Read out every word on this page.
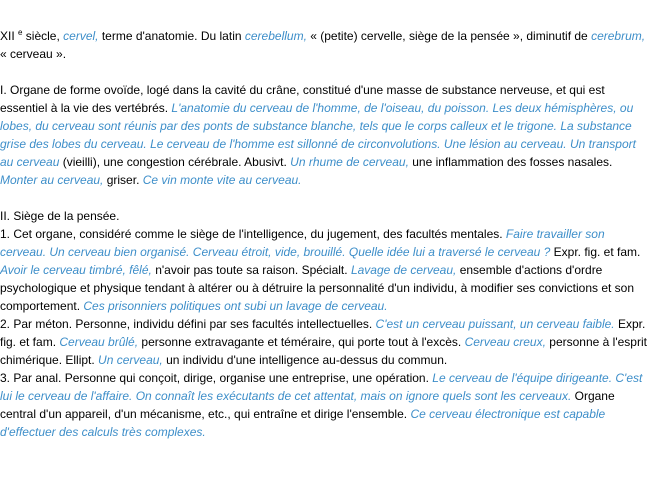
XII $^e$ siècle, cervel, terme d'anatomie. Du latin cerebellum, « (petite) cervelle, siège de la pensée », diminutif de cerebrum, « cerveau ».

I. Organe de forme ovoïde, logé dans la cavité du crâne, constitué d'une masse de substance nerveuse, et qui est essentiel à la vie des vertébrés. L'anatomie du cerveau de l'homme, de l'oiseau, du poisson. Les deux hémisphères, ou lobes, du cerveau sont réunis par des ponts de substance blanche, tels que le corps calleux et le trigone. La substance grise des lobes du cerveau. Le cerveau de l'homme est sillonné de circonvolutions. Une lésion au cerveau. Un transport au cerveau (vieilli), une congestion cérébrale. Abusivt. Un rhume de cerveau, une inflammation des fosses nasales. Monter au cerveau, griser. Ce vin monte vite au cerveau.

II. Siège de la pensée.

1. Cet organe, considéré comme le siège de l'intelligence, du jugement, des facultés mentales. Faire travailler son cerveau. Un cerveau bien organisé. Cerveau étroit, vide, brouillé. Quelle idée lui a traversé le cerveau ? Expr. fig. et fam. Avoir le cerveau timbré, fêlé, n'avoir pas toute sa raison. Spécialt. Lavage de cerveau, ensemble d'actions d'ordre psychologique et physique tendant à altérer ou à détruire la personnalité d'un individu, à modifier ses convictions et son comportement. Ces prisonniers politiques ont subi un lavage de cerveau.

2. Par méton. Personne, individu défini par ses facultés intellectuelles. C'est un cerveau puissant, un cerveau faible. Expr. fig. et fam. Cerveau brûlé, personne extravagante et téméraire, qui porte tout à l'excès. Cerveau creux, personne à l'esprit chimérique. Ellipt. Un cerveau, un individu d'une intelligence au-dessus du commun.

3. Par anal. Personne qui conçoit, dirige, organise une entreprise, une opération. Le cerveau de l'équipe dirigeante. C'est lui le cerveau de l'affaire. On connaît les exécutants de cet attentat, mais on ignore quels sont les cerveaux. Organe central d'un appareil, d'un mécanisme, etc., qui entraîne et dirige l'ensemble. Ce cerveau électronique est capable d'effectuer des calculs très complexes.
